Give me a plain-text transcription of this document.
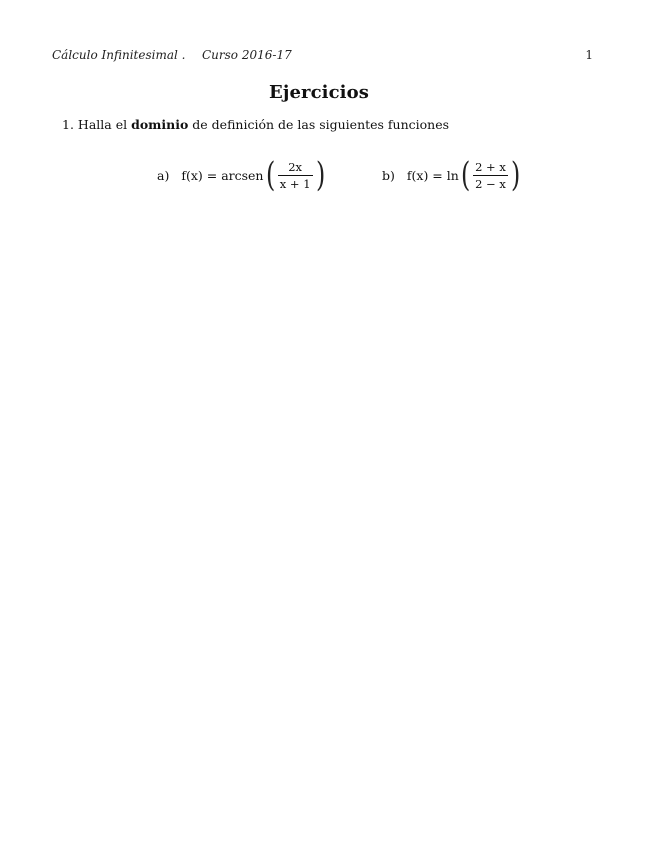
Cálculo Infinitesimal . Curso 2016-17	1
Ejercicios
1. Halla el dominio de definición de las siguientes funciones
a) f(x) = arcsen ( $\frac{2x}{x + 1}$ )	b) f(x) = ln ( $\frac{2 + x}{2 - x}$ )
